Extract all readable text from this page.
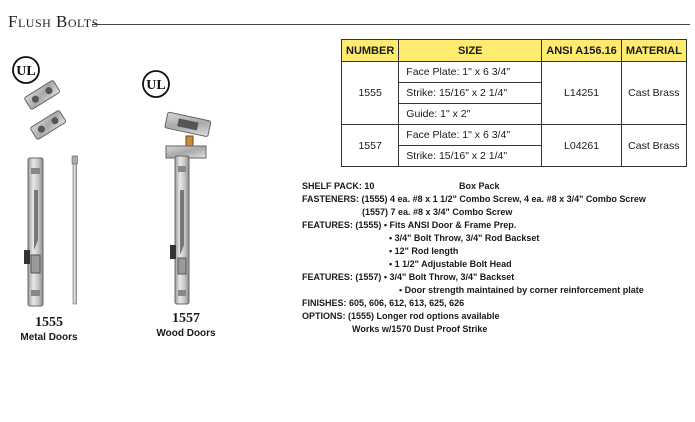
Flush Bolts
UL
UL
1555
Metal Doors
1557
Wood Doors
NUMBER	SIZE	ANSI A156.16	MATERIAL
1555	Face Plate: 1" x 6 3/4"	L14251	Cast Brass
	Strike: 15/16" x 2 1/4"		
	Guide: 1" x 2"		
1557	Face Plate: 1" x 6 3/4"	L04261	Cast Brass
	Strike: 15/16" x 2 1/4"		
SHELF PACK: 10	Box Pack
FASTENERS: (1555) 4 ea. #8 x 1 1/2" Combo Screw, 4 ea. #8 x 3/4" Combo Screw
(1557) 7 ea. #8 x 3/4" Combo Screw
FEATURES: (1555) • Fits ANSI Door & Frame Prep.
• 3/4" Bolt Throw, 3/4" Rod Backset
• 12" Rod length
• 1 1/2" Adjustable Bolt Head
FEATURES: (1557) • 3/4" Bolt Throw, 3/4" Backset
• Door strength maintained by corner reinforcement plate
FINISHES: 605, 606, 612, 613, 625, 626
OPTIONS: (1555) Longer rod options available
Works w/1570 Dust Proof Strike
